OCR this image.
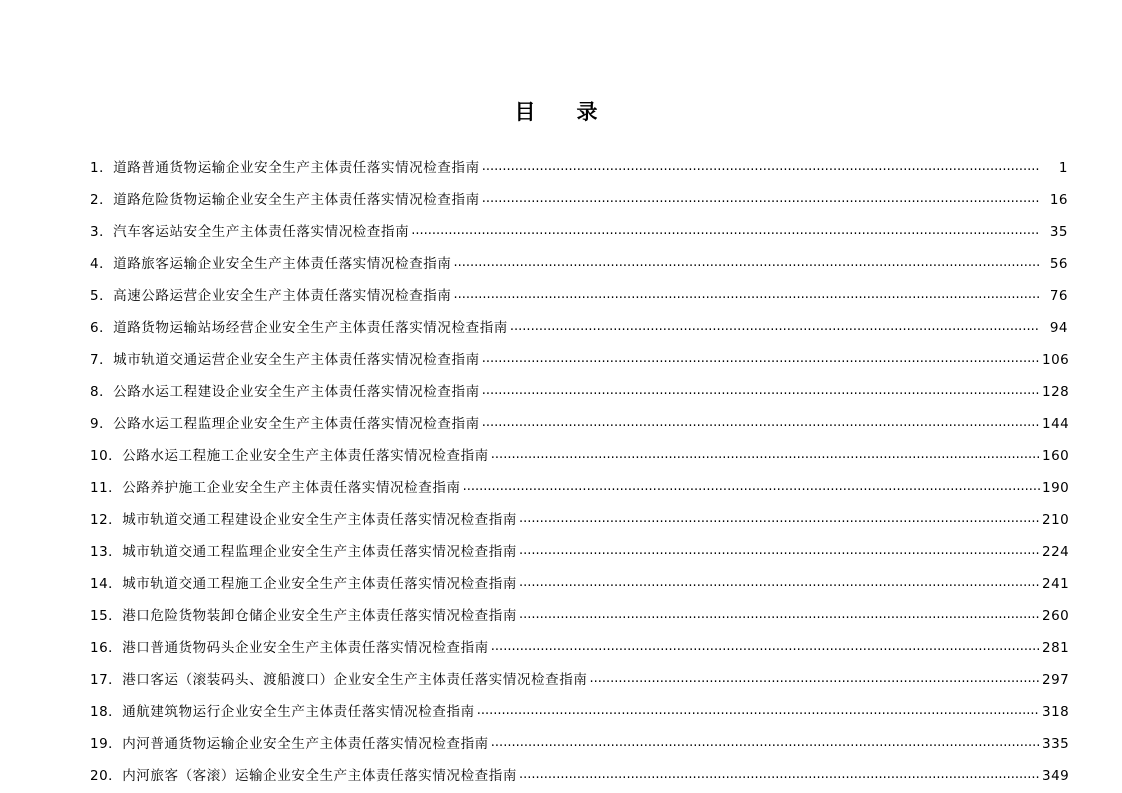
目　录
1． 道路普通货物运输企业安全生产主体责任落实情况检查指南 .....	1
2． 道路危险货物运输企业安全生产主体责任落实情况检查指南 .....	16
3． 汽车客运站安全生产主体责任落实情况检查指南 .....	35
4． 道路旅客运输企业安全生产主体责任落实情况检查指南 .....	56
5． 高速公路运营企业安全生产主体责任落实情况检查指南 .....	76
6． 道路货物运输站场经营企业安全生产主体责任落实情况检查指南 .....	94
7． 城市轨道交通运营企业安全生产主体责任落实情况检查指南 .....	106
8． 公路水运工程建设企业安全生产主体责任落实情况检查指南 .....	128
9． 公路水运工程监理企业安全生产主体责任落实情况检查指南 .....	144
10． 公路水运工程施工企业安全生产主体责任落实情况检查指南 .....	160
11． 公路养护施工企业安全生产主体责任落实情况检查指南 .....	190
12． 城市轨道交通工程建设企业安全生产主体责任落实情况检查指南 .....	210
13． 城市轨道交通工程监理企业安全生产主体责任落实情况检查指南 .....	224
14． 城市轨道交通工程施工企业安全生产主体责任落实情况检查指南 .....	241
15． 港口危险货物装卸仓储企业安全生产主体责任落实情况检查指南 .....	260
16． 港口普通货物码头企业安全生产主体责任落实情况检查指南 .....	281
17． 港口客运（滚装码头、渡船渡口）企业安全生产主体责任落实情况检查指南 .....	297
18． 通航建筑物运行企业安全生产主体责任落实情况检查指南 .....	318
19． 内河普通货物运输企业安全生产主体责任落实情况检查指南 .....	335
20． 内河旅客（客滚）运输企业安全生产主体责任落实情况检查指南 .....	349
